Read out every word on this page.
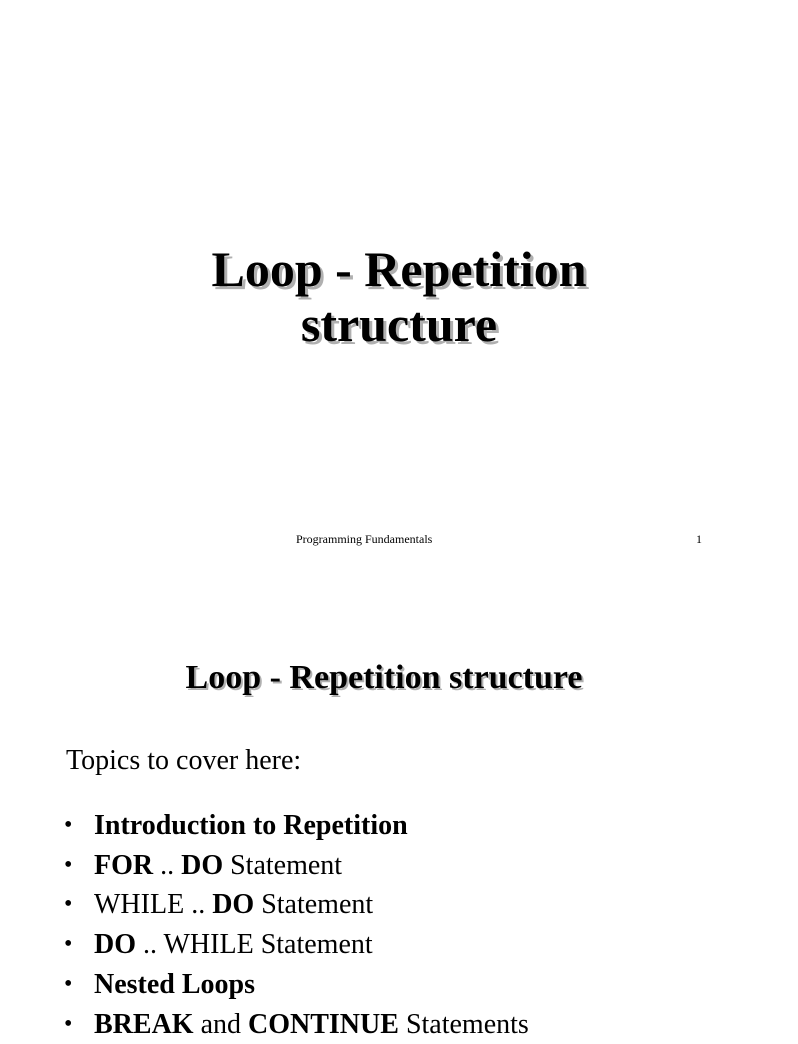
Loop - Repetition
structure
Programming Fundamentals	1
Loop - Repetition structure
Topics to cover here:
• Introduction to Repetition
• FOR .. DO Statement
• WHILE .. DO Statement
• DO .. WHILE Statement
• Nested Loops
• BREAK and CONTINUE Statements
